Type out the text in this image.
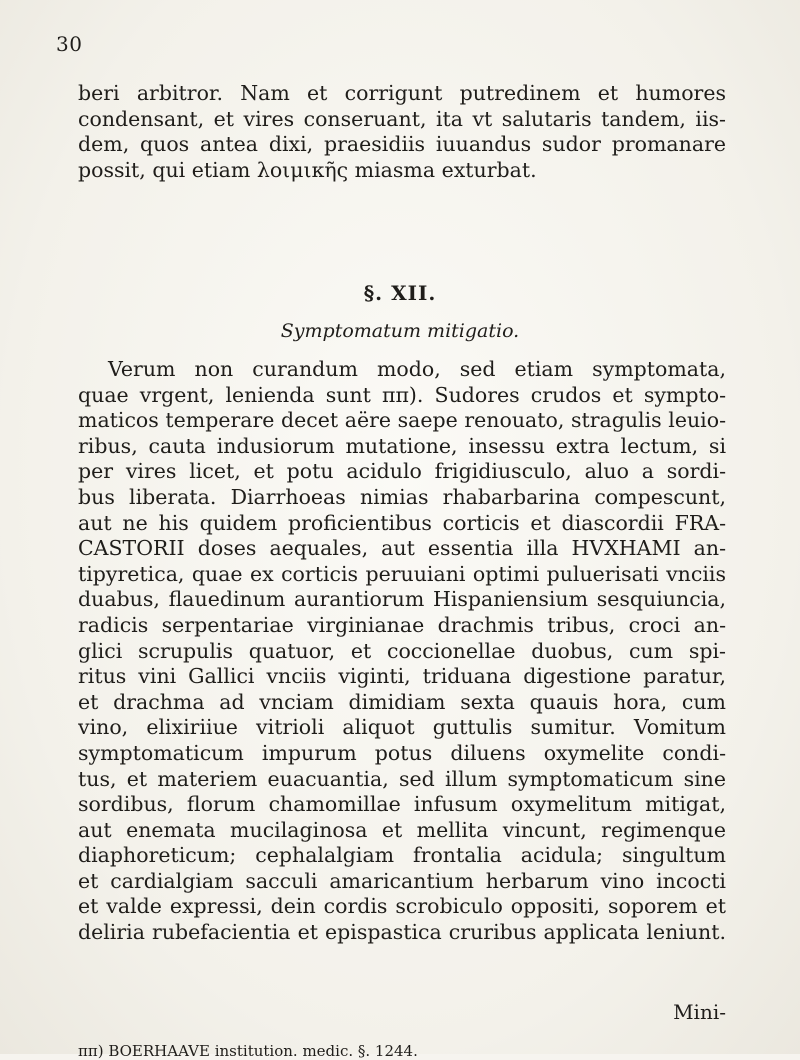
30
beri arbitror. Nam et corrigunt putredinem et humores
condensant, et vires conseruant, ita vt salutaris tandem, iis-
dem, quos antea dixi, praesidiis iuuandus sudor promanare
possit, qui etiam λοιμικῆς miasma exturbat.
§. XII.
Symptomatum mitigatio.
Verum non curandum modo, sed etiam symptomata,
quae vrgent, lenienda sunt ππ). Sudores crudos et sympto-
maticos temperare decet aëre saepe renouato, stragulis leuio-
ribus, cauta indusiorum mutatione, insessu extra lectum, si
per vires licet, et potu acidulo frigidiusculo, aluo a sordi-
bus liberata. Diarrhoeas nimias rhabarbarina compescunt,
aut ne his quidem proficientibus corticis et diascordii FRA-
CASTORII doses aequales, aut essentia illa HVXHAMI an-
tipyretica, quae ex corticis peruuiani optimi puluerisati vnciis
duabus, flauedinum aurantiorum Hispaniensium sesquiuncia,
radicis serpentariae virginianae drachmis tribus, croci an-
glici scrupulis quatuor, et coccionellae duobus, cum spi-
ritus vini Gallici vnciis viginti, triduana digestione paratur,
et drachma ad vnciam dimidiam sexta quauis hora, cum
vino, elixiriiue vitrioli aliquot guttulis sumitur. Vomitum
symptomaticum impurum potus diluens oxymelite condi-
tus, et materiem euacuantia, sed illum symptomaticum sine
sordibus, florum chamomillae infusum oxymelitum mitigat,
aut enemata mucilaginosa et mellita vincunt, regimenque
diaphoreticum; cephalalgiam frontalia acidula; singultum
et cardialgiam sacculi amaricantium herbarum vino incocti
et valde expressi, dein cordis scrobiculo oppositi, soporem et
deliria rubefacientia et epispastica cruribus applicata leniunt.
Mini-
ππ) BOERHAAVE institution. medic. §. 1244.
